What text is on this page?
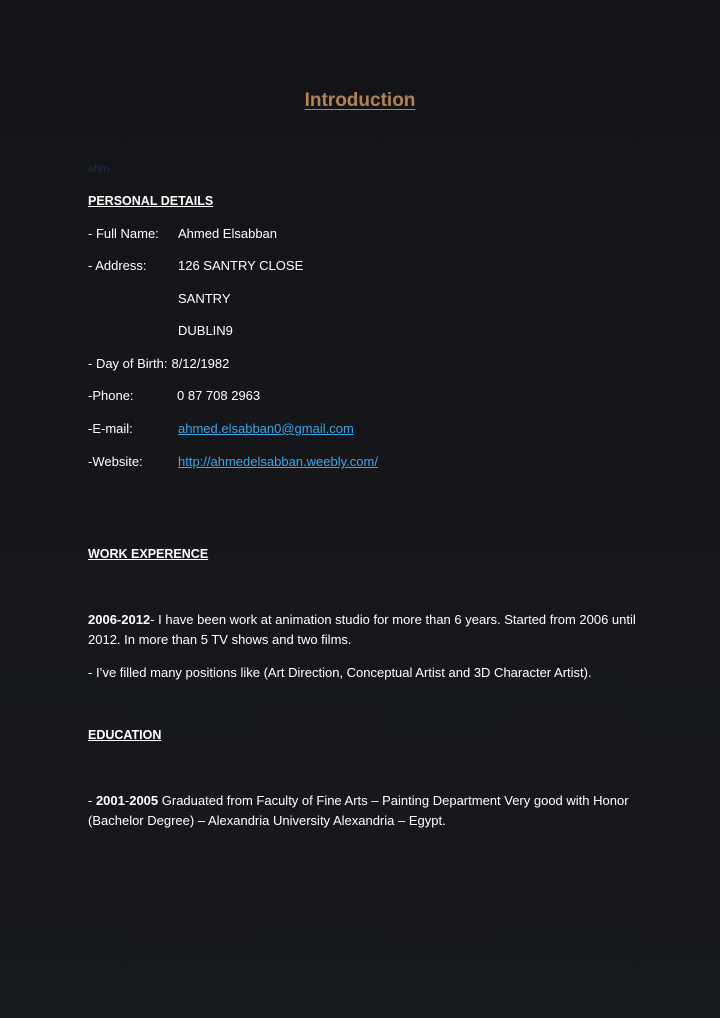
Introduction
ahm
PERSONAL DETAILS
- Full Name: Ahmed Elsabban
- Address: 126 SANTRY CLOSE
SANTRY
DUBLIN9
- Day of Birth: 8/12/1982
-Phone:	0 87 708 2963
-E-mail:	ahmed.elsabban0@gmail.com
-Website:	http://ahmedelsabban.weebly.com/
WORK EXPERENCE
2006-2012- I have been work at animation studio for more than 6 years. Started from 2006 until 2012. In more than 5 TV shows and two films.
- I’ve filled many positions like (Art Direction, Conceptual Artist and 3D Character Artist).
EDUCATION
- 2001-2005 Graduated from Faculty of Fine Arts – Painting Department Very good with Honor (Bachelor Degree) – Alexandria University Alexandria – Egypt.
